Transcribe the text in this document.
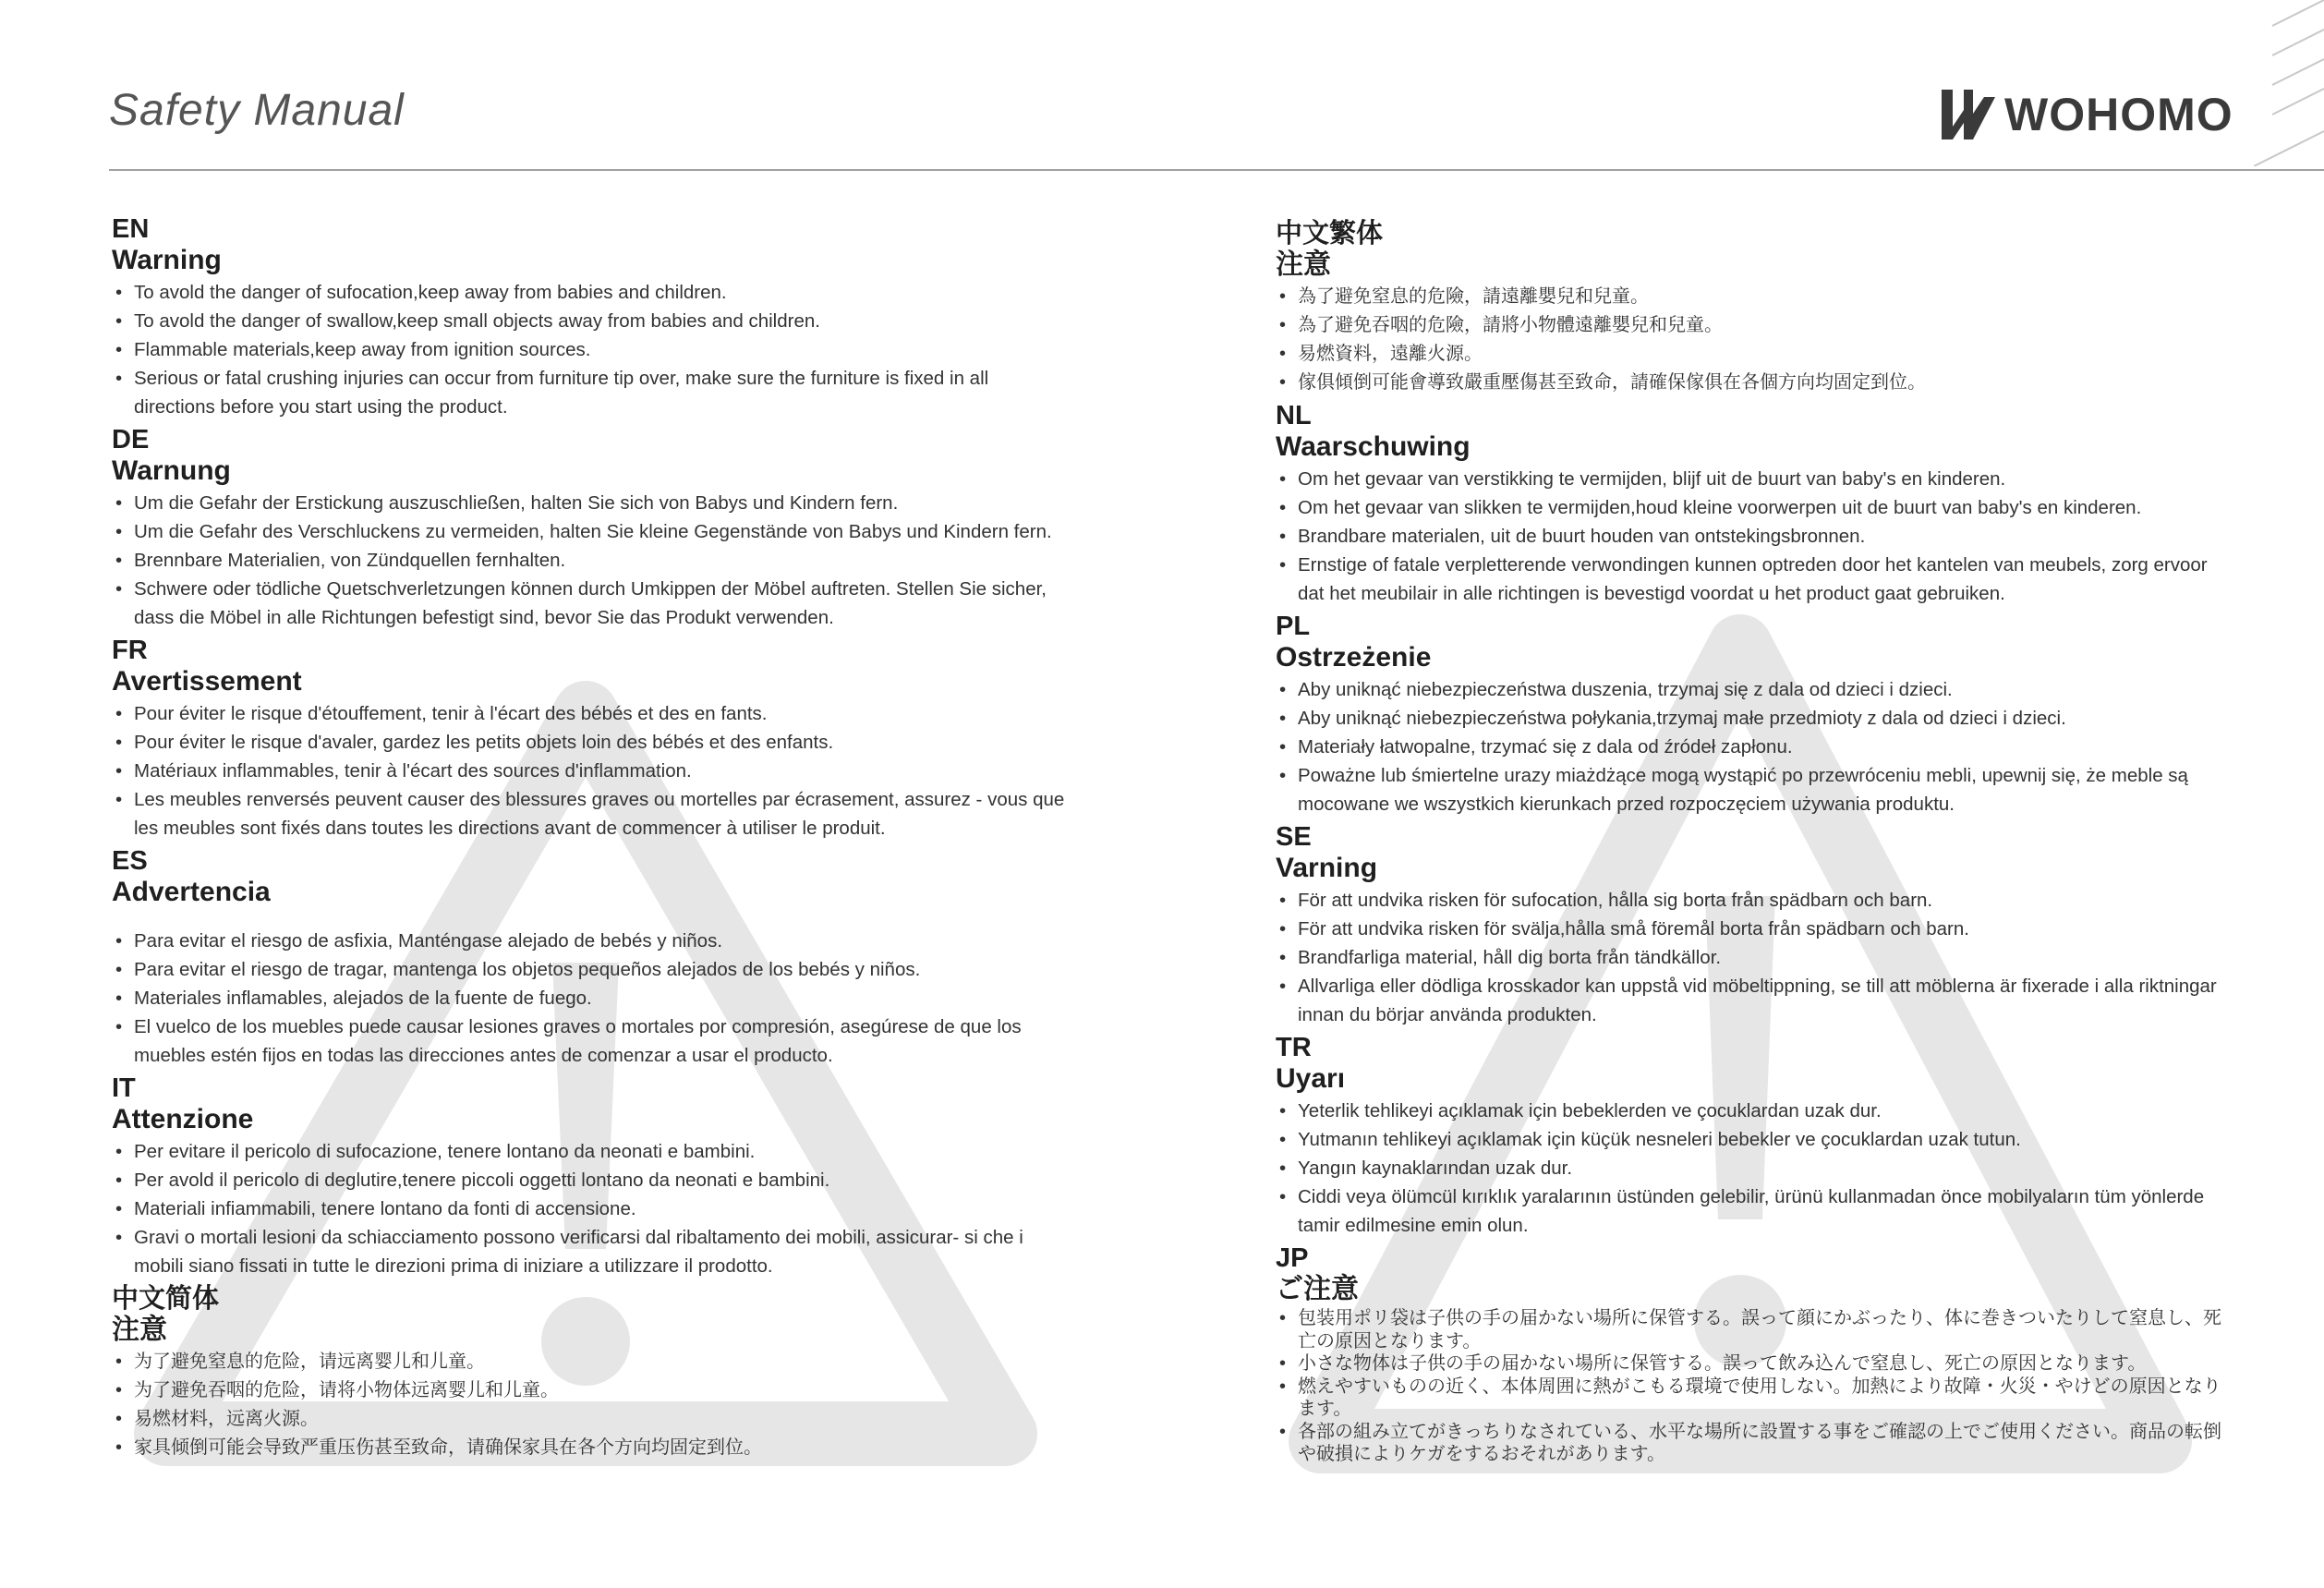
Safety Manual	WOHOMO
EN
Warning
• To avold the danger of sufocation,keep away from babies and children.
• To avold the danger of swallow,keep small objects away from babies and children.
• Flammable materials,keep away from ignition sources.
• Serious or fatal crushing injuries can occur from furniture tip over, make sure the furniture is fixed in all directions before you start using the product.
DE
Warnung
• Um die Gefahr der Erstickung auszuschließen, halten Sie sich von Babys und Kindern fern.
• Um die Gefahr des Verschluckens zu vermeiden, halten Sie kleine Gegenstände von Babys und Kindern fern.
• Brennbare Materialien, von Zündquellen fernhalten.
• Schwere oder tödliche Quetschverletzungen können durch Umkippen der Möbel auftreten. Stellen Sie sicher, dass die Möbel in alle Richtungen befestigt sind, bevor Sie das Produkt verwenden.
FR
Avertissement
• Pour éviter le risque d'étouffement, tenir à l'écart des bébés et des en fants.
• Pour éviter le risque d'avaler, gardez les petits objets loin des bébés et des enfants.
• Matériaux inflammables, tenir à l'écart des sources d'inflammation.
• Les meubles renversés peuvent causer des blessures graves ou mortelles par écrasement, assurez - vous que les meubles sont fixés dans toutes les directions avant de commencer à utiliser le produit.
ES
Advertencia
• Para evitar el riesgo de asfixia, Manténgase alejado de bebés y niños.
• Para evitar el riesgo de tragar, mantenga los objetos pequeños alejados de los bebés y niños.
• Materiales inflamables, alejados de la fuente de fuego.
• El vuelco de los muebles puede causar lesiones graves o mortales por compresión, asegúrese de que los muebles estén fijos en todas las direcciones antes de comenzar a usar el producto.
IT
Attenzione
• Per evitare il pericolo di sufocazione, tenere lontano da neonati e bambini.
• Per avold il pericolo di deglutire,tenere piccoli oggetti lontano da neonati e bambini.
• Materiali infiammabili, tenere lontano da fonti di accensione.
• Gravi o mortali lesioni da schiacciamento possono verificarsi dal ribaltamento dei mobili, assicurar- si che i mobili siano fissati in tutte le direzioni prima di iniziare a utilizzare il prodotto.
中文简体
注意
• 为了避免窒息的危险，请远离婴儿和儿童。
• 为了避免吞咽的危险，请将小物体远离婴儿和儿童。
• 易燃材料，远离火源。
• 家具倾倒可能会导致严重压伤甚至致命，请确保家具在各个方向均固定到位。
中文繁体
注意
• 為了避免窒息的危險，請遠離嬰兒和兒童。
• 為了避免吞咽的危險，請將小物體遠離嬰兒和兒童。
• 易燃資料，遠離火源。
• 傢俱傾倒可能會導致嚴重壓傷甚至致命，請確保傢俱在各個方向均固定到位。
NL
Waarschuwing
• Om het gevaar van verstikking te vermijden, blijf uit de buurt van baby's en kinderen.
• Om het gevaar van slikken te vermijden,houd kleine voorwerpen uit de buurt van baby's en kinderen.
• Brandbare materialen, uit de buurt houden van ontstekingsbronnen.
• Ernstige of fatale verpletterende verwondingen kunnen optreden door het kantelen van meubels, zorg ervoor dat het meubilair in alle richtingen is bevestigd voordat u het product gaat gebruiken.
PL
Ostrzeżenie
• Aby uniknąć niebezpieczeństwa duszenia, trzymaj się z dala od dzieci i dzieci.
• Aby uniknąć niebezpieczeństwa połykania,trzymaj małe przedmioty z dala od dzieci i dzieci.
• Materiały łatwopalne, trzymać się z dala od źródeł zapłonu.
• Poważne lub śmiertelne urazy miażdżące mogą wystąpić po przewróceniu mebli, upewnij się, że meble są mocowane we wszystkich kierunkach przed rozpoczęciem używania produktu.
SE
Varning
• För att undvika risken för sufocation, hålla sig borta från spädbarn och barn.
• För att undvika risken för svälja,hålla små föremål borta från spädbarn och barn.
• Brandfarliga material, håll dig borta från tändkällor.
• Allvarliga eller dödliga krosskador kan uppstå vid möbeltippning, se till att möblerna är fixerade i alla riktningar innan du börjar använda produkten.
TR
Uyarı
• Yeterlik tehlikeyi açıklamak için bebeklerden ve çocuklardan uzak dur.
• Yutmanın tehlikeyi açıklamak için küçük nesneleri bebekler ve çocuklardan uzak tutun.
• Yangın kaynaklarından uzak dur.
• Ciddi veya ölümcül kırıklık yaralarının üstünden gelebilir, ürünü kullanmadan önce mobilyaların tüm yönlerde tamir edilmesine emin olun.
JP
ご注意
• 包装用ポリ袋は子供の手の届かない場所に保管する。誤って顔にかぶったり、体に巻きついたりして窒息し、死亡の原因となります。
• 小さな物体は子供の手の届かない場所に保管する。誤って飲み込んで窒息し、死亡の原因となります。
• 燃えやすいものの近く、本体周囲に熱がこもる環境で使用しない。加熱により故障・火災・やけどの原因となります。
• 各部の組み立てがきっちりなされている、水平な場所に設置する事をご確認の上でご使用ください。商品の転倒や破損によりケガをするおそれがあります。
